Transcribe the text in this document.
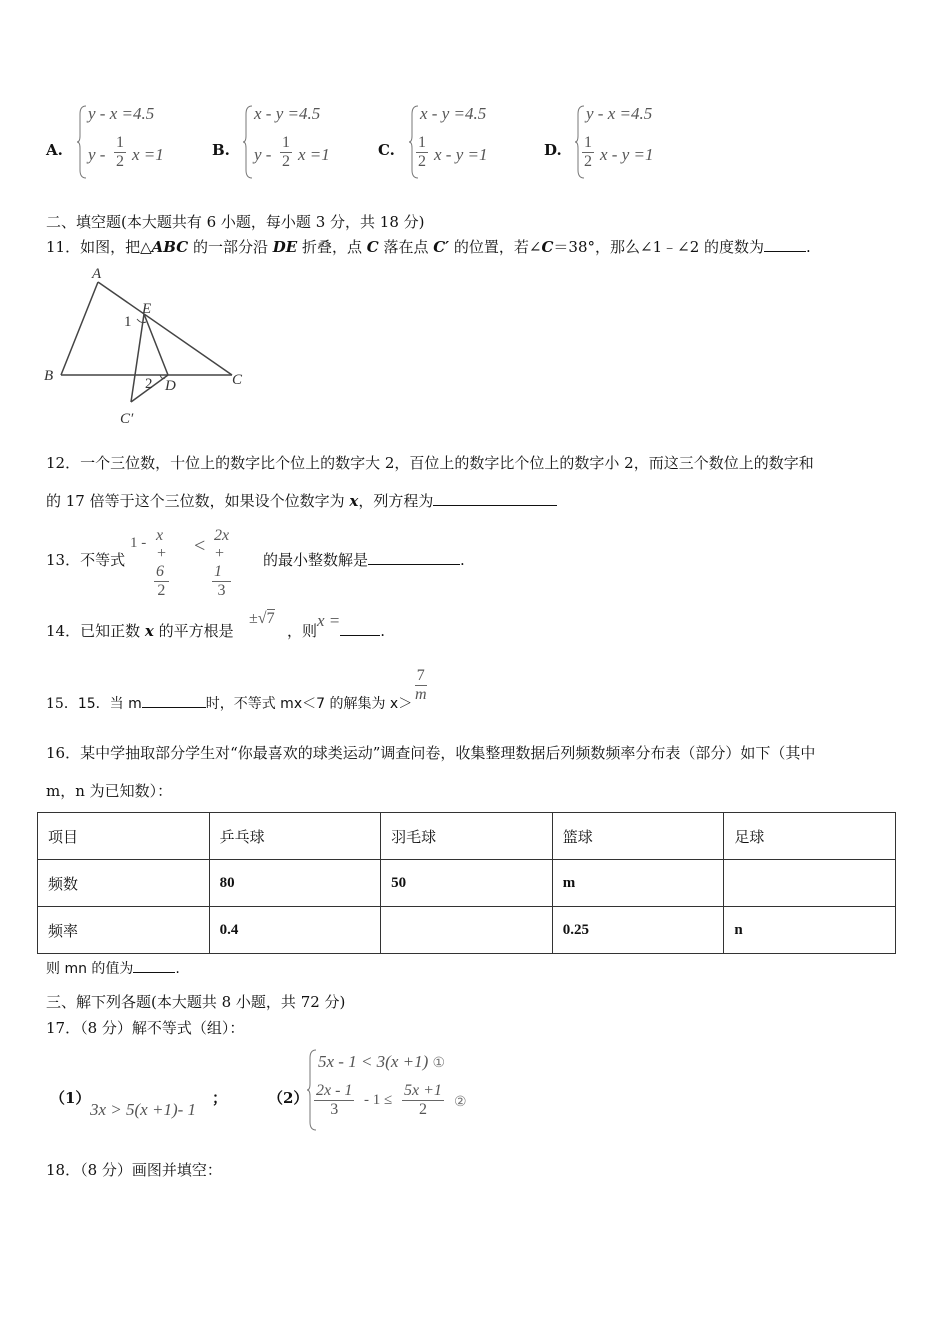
A.
y - x =4.5
y - $\frac{1}{2}$ x =1	B.
x - y =4.5
y - $\frac{1}{2}$ x =1	C.
x - y =4.5
$\frac{1}{2}$ x - y =1	D.
y - x =4.5
$\frac{1}{2}$ x - y =1
二、填空题(本大题共有 6 小题，每小题 3 分，共 18 分)
11．如图，把△ABC 的一部分沿 DE 折叠，点 C 落在点 C′ 的位置，若∠C＝38°，那么∠1﹣∠2 的度数为	.
A
B	C
D
E
C′
1
2
12．一个三位数，十位上的数字比个位上的数字大 2，百位上的数字比个位上的数字小 2，而这三个数位上的数字和
的 17 倍等于这个三位数，如果设个位数字为 x，列方程为
13．不等式
$1 - \frac{x + 6}{2} < \frac{2x + 1}{3}$ 的最小整数解是	.
14．已知正数 x 的平方根是
±√7
，则x =.
15．15．当 m	时，不等式 mx＜7 的解集为 $x> \frac{7}{m}$
16．某中学抽取部分学生对“你最喜欢的球类运动”调查问卷，收集整理数据后列频数频率分布表（部分）如下（其中
m，n 为已知数）：
项目	乒乓球	羽毛球	篮球	足球
频数	80	50	m	
频率	0.4		0.25	n
则 mn 的值为	.
三、解下列各题(本大题共 8 小题，共 72 分)
17．（8 分）解不等式（组）：
（1）
3x > 5(x +1)- 1
；	（2）
5x - 1 < 3(x +1) ①
$\frac{2x - 1}{3} - 1 \le \frac{5x +1}{2}$ ②
18．（8 分）画图并填空：
